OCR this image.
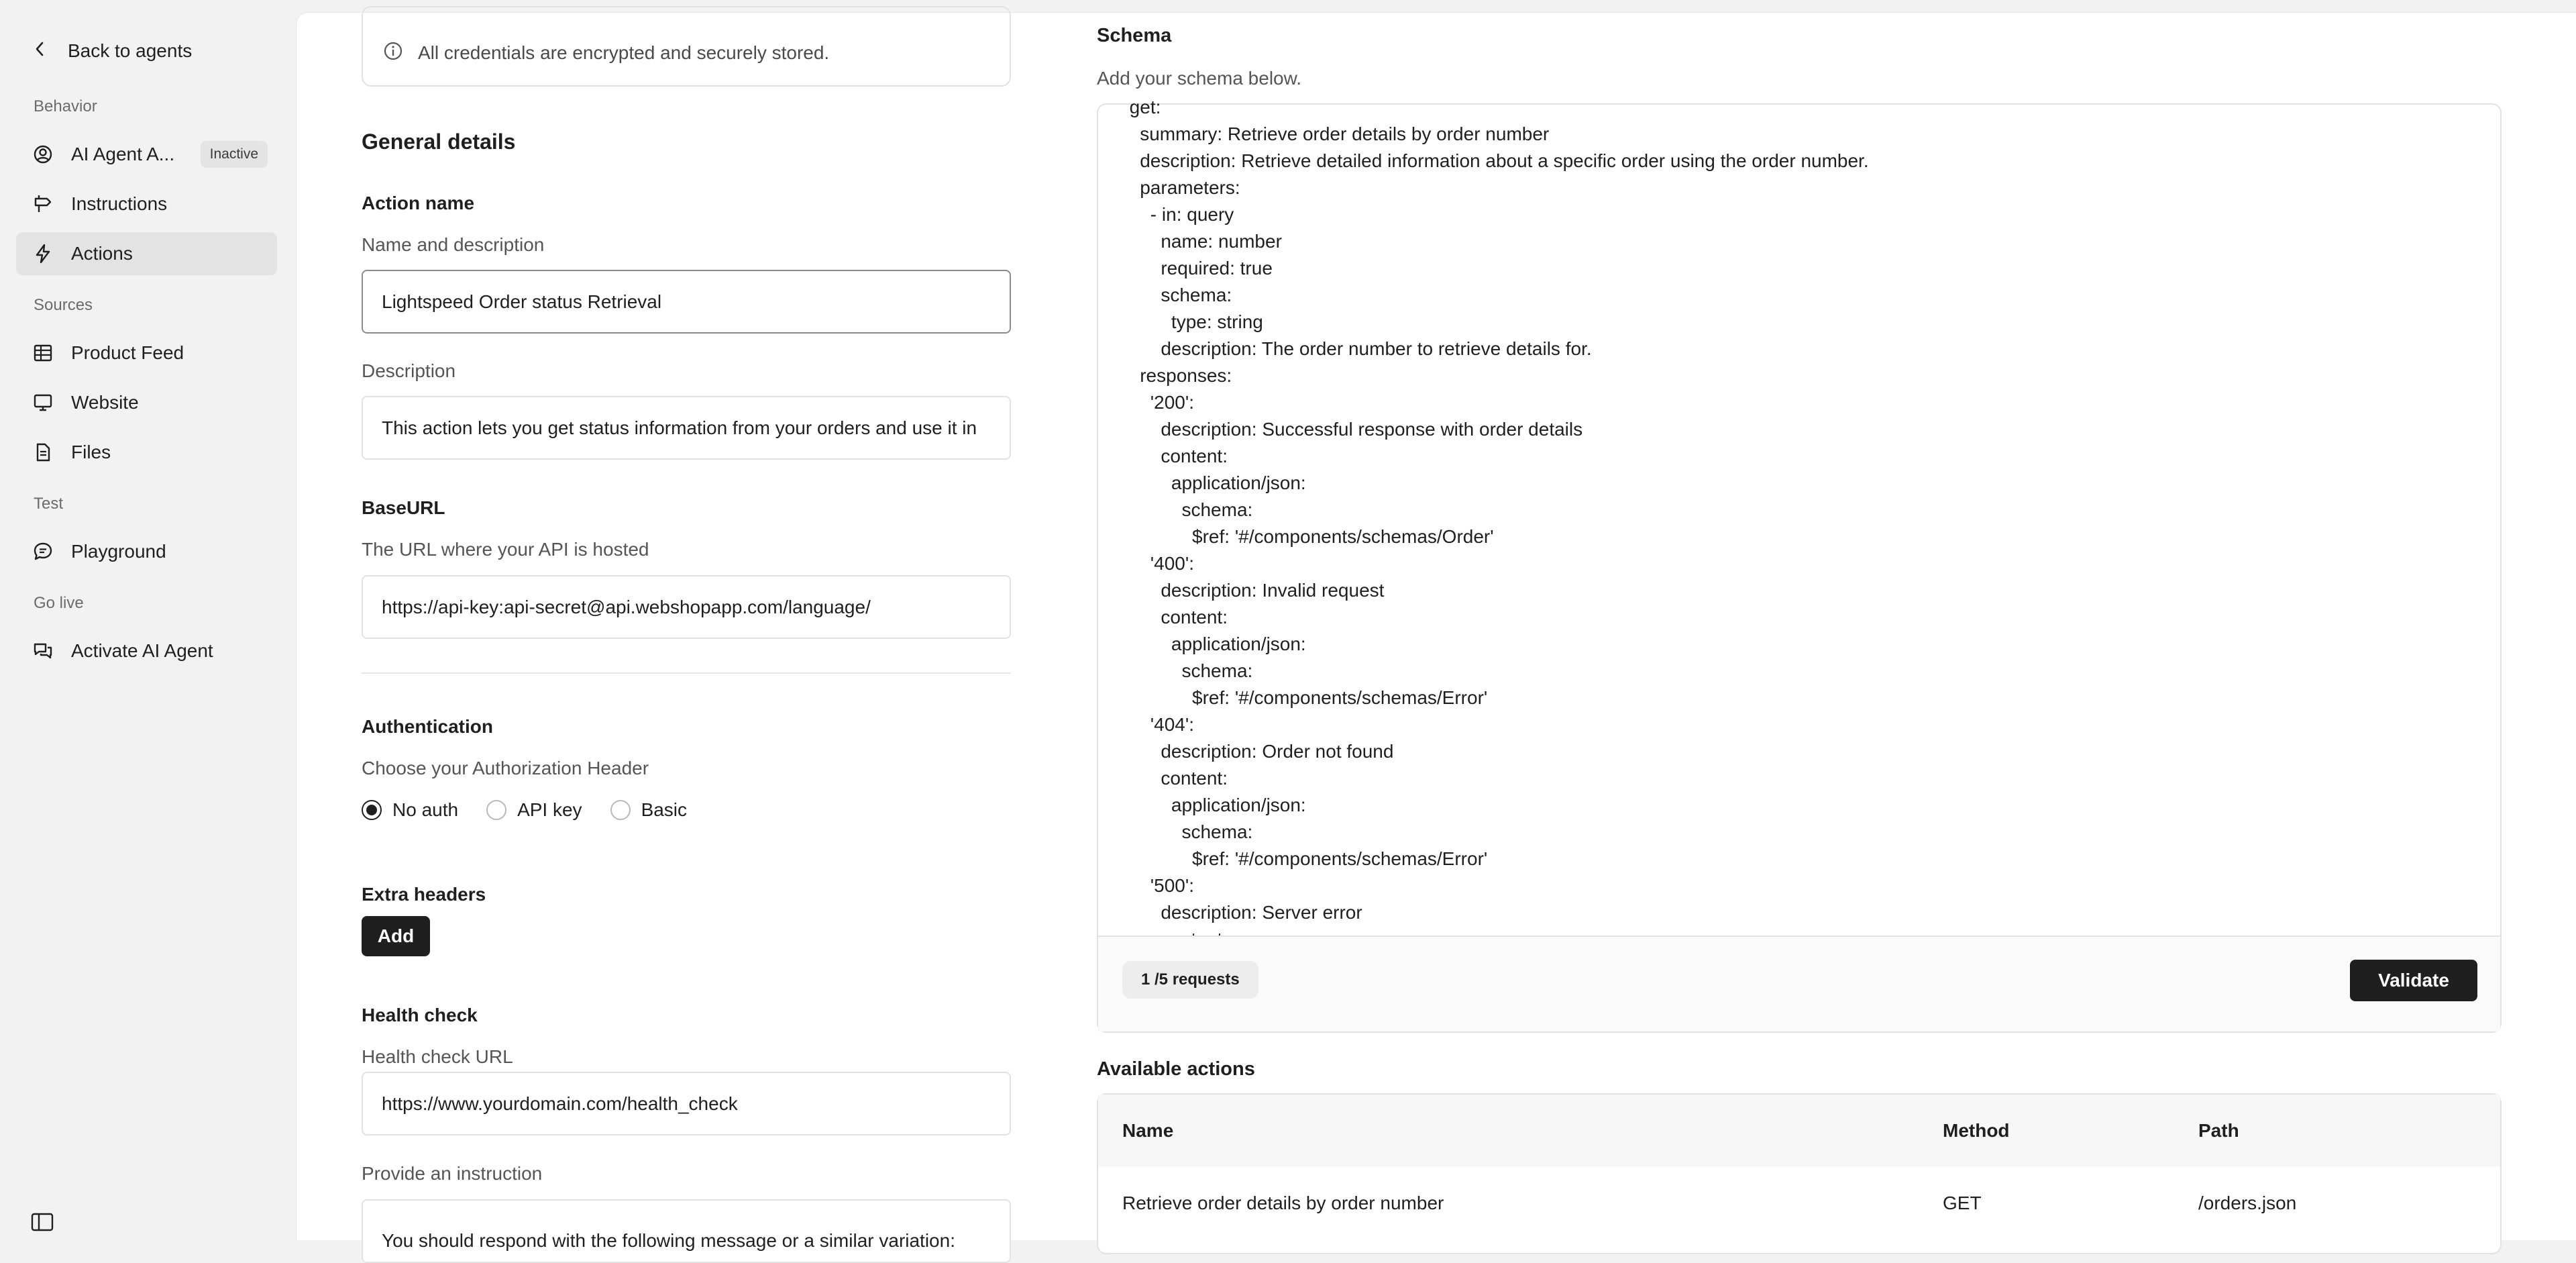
Back to agents
Behavior
AI Agent A...	Inactive
Instructions
Actions
Sources
Product Feed
Website
Files
Test
Playground
Go live
Activate AI Agent
All credentials are encrypted and securely stored.
General details
Action name
Name and description
Lightspeed Order status Retrieval
Description
This action lets you get status information from your orders and use it in
BaseURL
The URL where your API is hosted
https://api-key:api-secret@api.webshopapp.com/language/
Authentication
Choose your Authorization Header
No auth	API key	Basic
Extra headers
Add
Health check
Health check URL
https://www.yourdomain.com/health_check
Provide an instruction
You should respond with the following message or a similar variation:
Schema
Add your schema below.
get:
summary: Retrieve order details by order number
description: Retrieve detailed information about a specific order using the order number.
parameters:
- in: query
name: number
required: true
schema:
type: string
description: The order number to retrieve details for.
responses:
'200':
description: Successful response with order details
content:
application/json:
schema:
$ref: '#/components/schemas/Order'
'400':
description: Invalid request
content:
application/json:
schema:
$ref: '#/components/schemas/Error'
'404':
description: Order not found
content:
application/json:
schema:
$ref: '#/components/schemas/Error'
'500':
description: Server error
1 /5 requests	Validate
Available actions
Name	Method	Path
Retrieve order details by order number	GET	/orders.json
